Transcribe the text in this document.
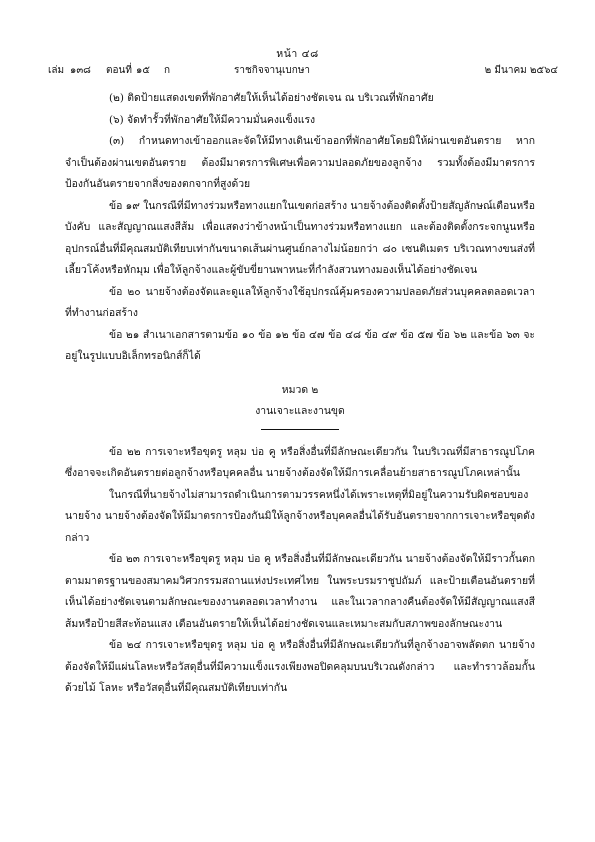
หน้า ๔๘
เล่ม ๑๓๘ ตอนที่ ๑๕ ก	ราชกิจจานุเบกษา	๒ มีนาคม ๒๕๖๔

(๒) ติดป้ายแสดงเขตที่พักอาศัยให้เห็นได้อย่างชัดเจน ณ บริเวณที่พักอาศัย

(๖) จัดทำรั้วที่พักอาศัยให้มีความมั่นคงแข็งแรง

(๓) กำหนดทางเข้าออกและจัดให้มีทางเดินเข้าออกที่พักอาศัยโดยมิให้ผ่านเขตอันตราย หากจำเป็นต้องผ่านเขตอันตราย ต้องมีมาตรการพิเศษเพื่อความปลอดภัยของลูกจ้าง รวมทั้งต้องมีมาตรการป้องกันอันตรายจากสิ่งของตกจากที่สูงด้วย

ข้อ ๑๙ ในกรณีที่มีทางร่วมหรือทางแยกในเขตก่อสร้าง นายจ้างต้องติดตั้งป้ายสัญลักษณ์เตือนหรือบังคับ และสัญญาณแสงสีส้ม เพื่อแสดงว่าข้างหน้าเป็นทางร่วมหรือทางแยก และต้องติดตั้งกระจกนูนหรืออุปกรณ์อื่นที่มีคุณสมบัติเทียบเท่ากันขนาดเส้นผ่านศูนย์กลางไม่น้อยกว่า ๘๐ เซนติเมตร บริเวณทางขนส่งที่เลี้ยวโค้งหรือหักมุม เพื่อให้ลูกจ้างและผู้ขับขี่ยานพาหนะที่กำลังสวนทางมองเห็นได้อย่างชัดเจน

ข้อ ๒๐ นายจ้างต้องจัดและดูแลให้ลูกจ้างใช้อุปกรณ์คุ้มครองความปลอดภัยส่วนบุคคลตลอดเวลาที่ทำงานก่อสร้าง

ข้อ ๒๑ สำเนาเอกสารตามข้อ ๑๐ ข้อ ๑๒ ข้อ ๔๗ ข้อ ๔๘ ข้อ ๔๙ ข้อ ๕๗ ข้อ ๖๒ และข้อ ๖๓ จะอยู่ในรูปแบบอิเล็กทรอนิกส์ก็ได้

หมวด ๒

งานเจาะและงานขุด

ข้อ ๒๒ การเจาะหรือขุดรู หลุม บ่อ คู หรือสิ่งอื่นที่มีลักษณะเดียวกัน ในบริเวณที่มีสาธารณูปโภคซึ่งอาจจะเกิดอันตรายต่อลูกจ้างหรือบุคคลอื่น นายจ้างต้องจัดให้มีการเคลื่อนย้ายสาธารณูปโภคเหล่านั้น

ในกรณีที่นายจ้างไม่สามารถดำเนินการตามวรรคหนึ่งได้เพราะเหตุที่มิอยู่ในความรับผิดชอบของนายจ้าง นายจ้างต้องจัดให้มีมาตรการป้องกันมิให้ลูกจ้างหรือบุคคลอื่นได้รับอันตรายจากการเจาะหรือขุดดังกล่าว

ข้อ ๒๓ การเจาะหรือขุดรู หลุม บ่อ คู หรือสิ่งอื่นที่มีลักษณะเดียวกัน นายจ้างต้องจัดให้มีราวกั้นตกตามมาตรฐานของสมาคมวิศวกรรมสถานแห่งประเทศไทย ในพระบรมราชูปถัมภ์ และป้ายเตือนอันตรายที่เห็นได้อย่างชัดเจนตามลักษณะของงานตลอดเวลาทำงาน และในเวลากลางคืนต้องจัดให้มีสัญญาณแสงสีส้มหรือป้ายสีสะท้อนแสง เตือนอันตรายให้เห็นได้อย่างชัดเจนและเหมาะสมกับสภาพของลักษณะงาน

ข้อ ๒๔ การเจาะหรือขุดรู หลุม บ่อ คู หรือสิ่งอื่นที่มีลักษณะเดียวกันที่ลูกจ้างอาจพลัดตก นายจ้างต้องจัดให้มีแผ่นโลหะหรือวัสดุอื่นที่มีความแข็งแรงเพียงพอปิดคลุมบนบริเวณดังกล่าว และทำราวล้อมกั้นด้วยไม้ โลหะ หรือวัสดุอื่นที่มีคุณสมบัติเทียบเท่ากัน
